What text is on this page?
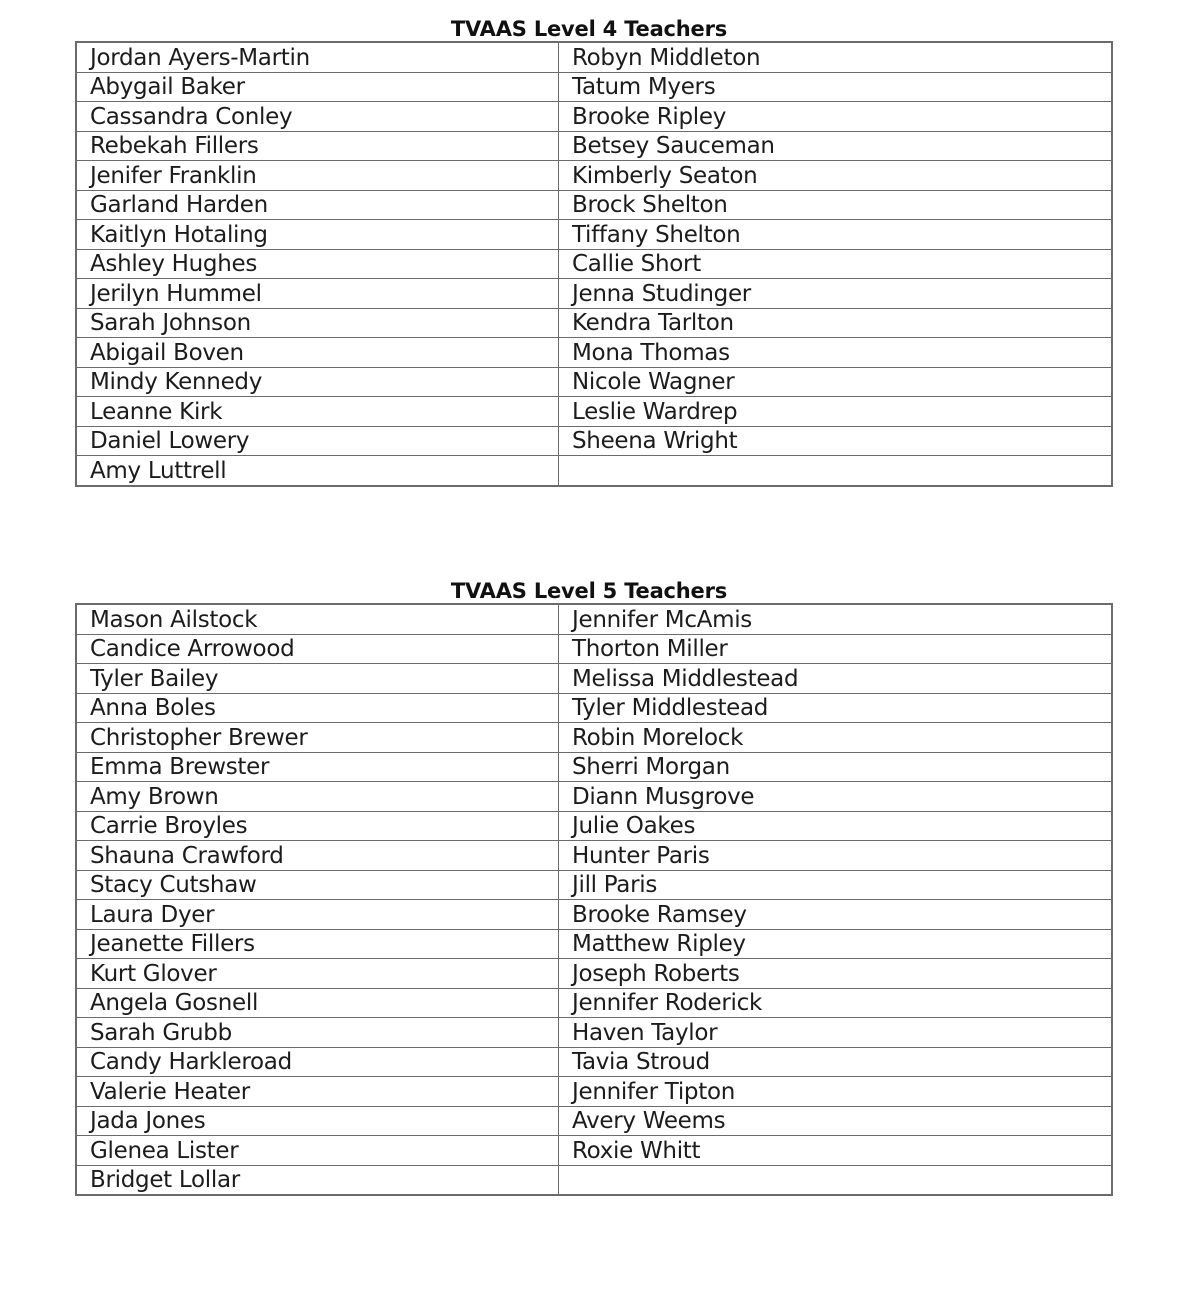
TVAAS Level 4 Teachers
Jordan Ayers-Martin	Robyn Middleton
Abygail Baker	Tatum Myers
Cassandra Conley	Brooke Ripley
Rebekah Fillers	Betsey Sauceman
Jenifer Franklin	Kimberly Seaton
Garland Harden	Brock Shelton
Kaitlyn Hotaling	Tiffany Shelton
Ashley Hughes	Callie Short
Jerilyn Hummel	Jenna Studinger
Sarah Johnson	Kendra Tarlton
Abigail Boven	Mona Thomas
Mindy Kennedy	Nicole Wagner
Leanne Kirk	Leslie Wardrep
Daniel Lowery	Sheena Wright
Amy Luttrell	
TVAAS Level 5 Teachers
Mason Ailstock	Jennifer McAmis
Candice Arrowood	Thorton Miller
Tyler Bailey	Melissa Middlestead
Anna Boles	Tyler Middlestead
Christopher Brewer	Robin Morelock
Emma Brewster	Sherri Morgan
Amy Brown	Diann Musgrove
Carrie Broyles	Julie Oakes
Shauna Crawford	Hunter Paris
Stacy Cutshaw	Jill Paris
Laura Dyer	Brooke Ramsey
Jeanette Fillers	Matthew Ripley
Kurt Glover	Joseph Roberts
Angela Gosnell	Jennifer Roderick
Sarah Grubb	Haven Taylor
Candy Harkleroad	Tavia Stroud
Valerie Heater	Jennifer Tipton
Jada Jones	Avery Weems
Glenea Lister	Roxie Whitt
Bridget Lollar	
